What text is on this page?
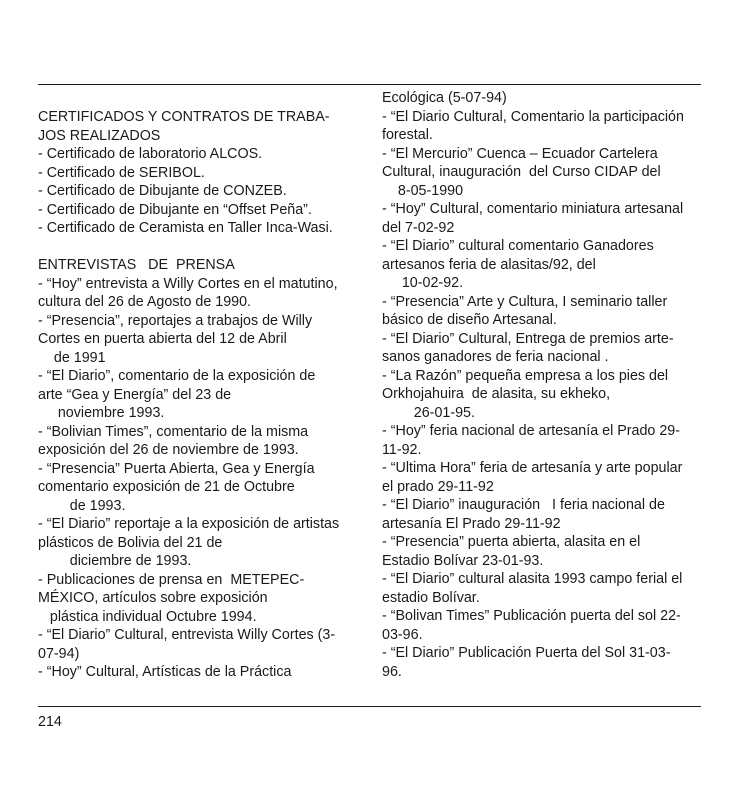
CERTIFICADOS Y CONTRATOS DE TRABA-
JOS REALIZADOS
- Certificado de laboratorio ALCOS.
- Certificado de SERIBOL.
- Certificado de Dibujante de CONZEB.
- Certificado de Dibujante en “Offset Peña”.
- Certificado de Ceramista en Taller Inca-Wasi.
ENTREVISTAS   DE  PRENSA
- “Hoy” entrevista a Willy Cortes en el matutino,
cultura del 26 de Agosto de 1990.
- “Presencia”, reportajes a trabajos de Willy
Cortes en puerta abierta del 12 de Abril
de 1991
- “El Diario”, comentario de la exposición de
arte “Gea y Energía” del 23 de
noviembre 1993.
- “Bolivian Times”, comentario de la misma
exposición del 26 de noviembre de 1993.
- “Presencia” Puerta Abierta, Gea y Energía
comentario exposición de 21 de Octubre
de 1993.
- “El Diario” reportaje a la exposición de artistas
plásticos de Bolivia del 21 de
diciembre de 1993.
- Publicaciones de prensa en  METEPEC-
MÉXICO, artículos sobre exposición
plástica individual Octubre 1994.
- “El Diario” Cultural, entrevista Willy Cortes (3-
07-94)
- “Hoy” Cultural, Artísticas de la Práctica
Ecológica (5-07-94)
- “El Diario Cultural, Comentario la participación
forestal.
- “El Mercurio” Cuenca – Ecuador Cartelera
Cultural, inauguración  del Curso CIDAP del
8-05-1990
- “Hoy” Cultural, comentario miniatura artesanal
del 7-02-92
- “El Diario” cultural comentario Ganadores
artesanos feria de alasitas/92, del
10-02-92.
- “Presencia” Arte y Cultura, I seminario taller
básico de diseño Artesanal.
- “El Diario” Cultural, Entrega de premios arte-
sanos ganadores de feria nacional .
- “La Razón” pequeña empresa a los pies del
Orkhojahuira  de alasita, su ekheko,
26-01-95.
- “Hoy” feria nacional de artesanía el Prado 29-
11-92.
- “Ultima Hora” feria de artesanía y arte popular
el prado 29-11-92
- “El Diario” inauguración   I feria nacional de
artesanía El Prado 29-11-92
- “Presencia” puerta abierta, alasita en el
Estadio Bolívar 23-01-93.
- “El Diario” cultural alasita 1993 campo ferial el
estadio Bolívar.
- “Bolivan Times” Publicación puerta del sol 22-
03-96.
- “El Diario” Publicación Puerta del Sol 31-03-
96.
214
